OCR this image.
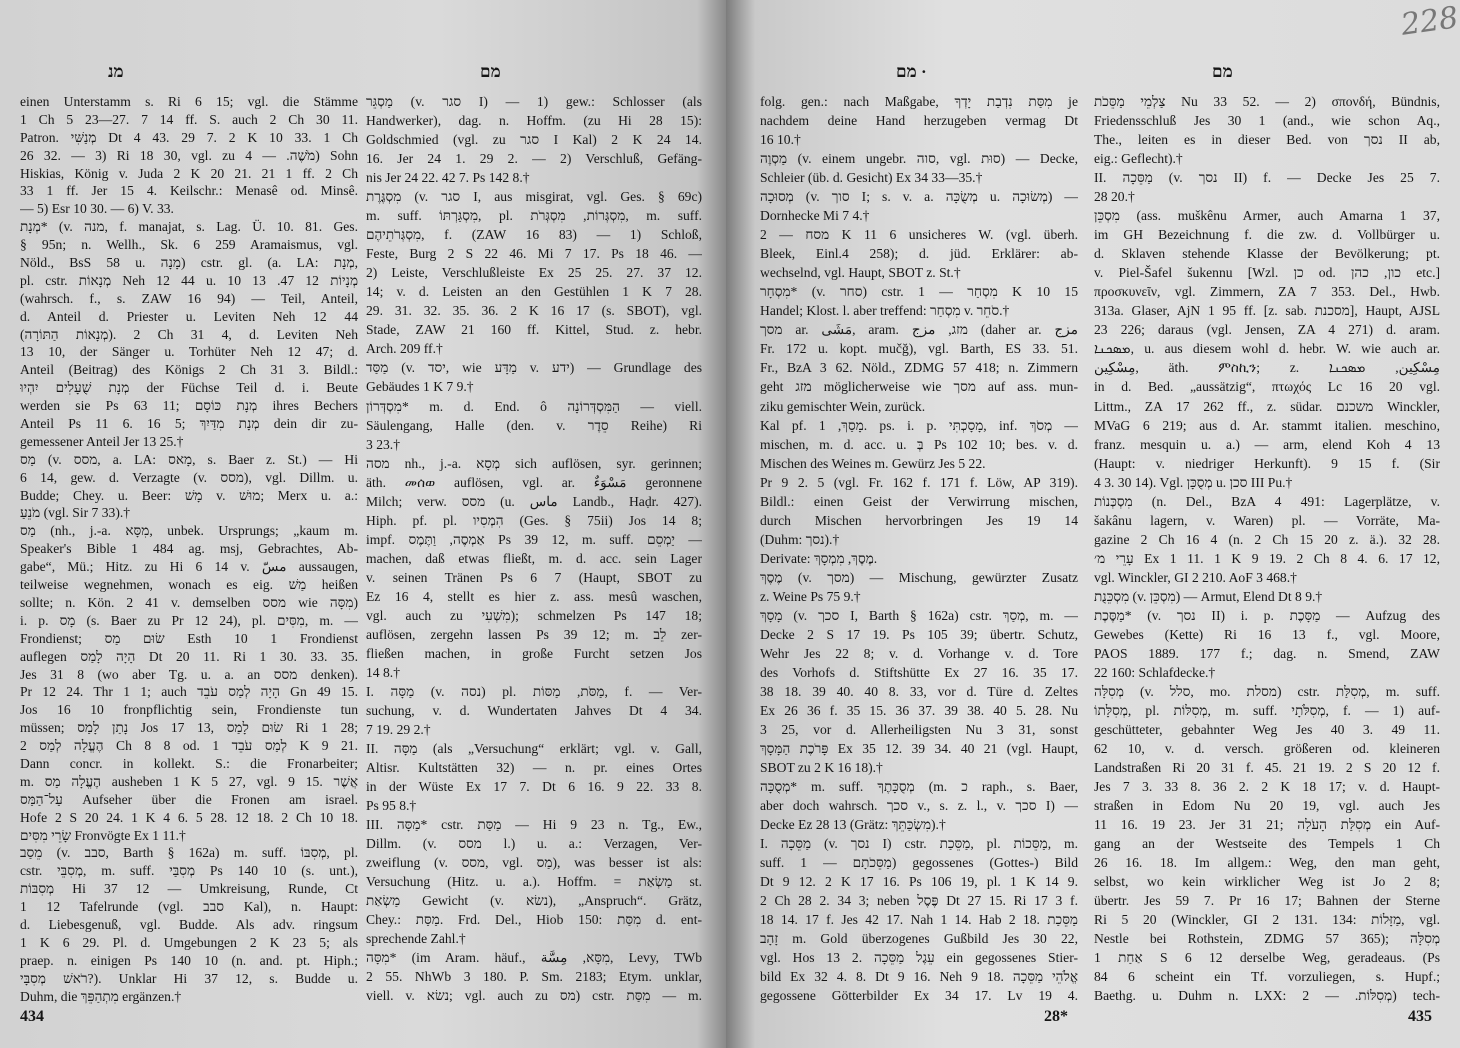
מנ	מם
einen Unterstamm s. Ri 6 15; vgl. die Stämme
1 Ch 5 23—27. 7 14 ff. S. auch 2 Ch 30 11.
Patron. מְנַשִּׁי Dt 4 43. 29 7. 2 K 10 33. 1 Ch
26 32. — 3) Ri 18 30, vgl. zu מֹשֶׁה. — 4) Sohn
Hiskias, König v. Juda 2 K 20 21. 21 1 ff. 2 Ch
33 1 ff. Jer 15 4. Keilschr.: Menasê od. Minsê.
— 5) Esr 10 30. — 6) V. 33.
מְנָת* (v. מנה, f. manajat, s. Lag. Ü. 10. 81. Ges.
§ 95n; n. Wellh., Sk. 6 259 Aramaismus, vgl.
Nöld., BsS 58 u. מָנָה) cstr. gl. (a. LA: מְנָת,
pl. cstr. מְנָאוֹת Neh 12 44 u. מְנָיוֹת 12 47. 13 10
(wahrsch. f., s. ZAW 16 94) — Teil, Anteil,
d. Anteil d. Priester u. Leviten Neh 12 44
(מְנָאוֹת הַתּוֹרָה). 2 Ch 31 4, d. Leviten Neh
13 10, der Sänger u. Torhüter Neh 12 47; d.
Anteil (Beitrag) des Königs 2 Ch 31 3. Bildl.:
מְנָת שֻׁעָלִים יִהְיוּ der Füchse Teil d. i. Beute
werden sie Ps 63 11; מְנָת כּוֹסָם ihres Bechers
Anteil Ps 11 6. 16 5; מְנָת מִדַּיִךְ dein dir zu-
gemessener Anteil Jer 13 25.†
מַס (v. מסס, a. LA: מָאס, s. Baer z. St.) — Hi
6 14, gew. d. Verzagte (v. מסס), vgl. Dillm. u.
Budde; Chey. u. Beer: מָשׁ v. מוּשׁ; Merx u. a.:
מֹנֵעַ (vgl. Sir 7 33).†
מַס (nh., j.-a. מִסָּא, unbek. Ursprungs; „kaum m.
Speaker's Bible 1 484 ag. msj, Gebrachtes, Ab-
gabe“, Mü.; Hitz. zu Hi 6 14 v. مسّ aussaugen,
teilweise wegnehmen, wonach es eig. מַשׁ heißen
sollte; n. Kön. 2 41 v. demselben מסס wie מִסָּה)
i. p. מָס (s. Baer zu Pr 12 24), pl. מִסִּים, m. —
Frondienst; שׂוּם מַס Esth 10 1 Frondienst
auflegen הָיָה לָמַס Dt 20 11. Ri 1 30. 33. 35.
Jes 31 8 (wo aber Tg. u. a. an מסס denken).
Pr 12 24. Thr 1 1; auch הָיָה לְמַס עֹבֵד Gn 49 15.
Jos 16 10 fronpflichtig sein, Frondienste tun
müssen; נָתַן לָמַס Jos 17 13, שׂוּם לָמַס Ri 1 28;
הֶעֱלָה לְמַס 2 Ch 8 8 od. לְמַס עֹבֵד 1 K 9 21.
Dann concr. in kollekt. S.: die Fronarbeiter;
m. הֶעֱלָה מַס ausheben 1 K 5 27, vgl. 9 15. אֲשֶׁר
עַל־הַמַּס Aufseher über die Fronen am israel.
Hofe 2 S 20 24. 1 K 4 6. 5 28. 12 18. 2 Ch 10 18.
שָׂרֵי מִסִּים Fronvögte Ex 1 11.†
מֵסַב (v. סבב, Barth § 162a) m. suff. מְסִבּוֹ, pl.
cstr. מְסִבֵּי, m. suff. מְסִבַּי Ps 140 10 (s. unt.),
מְסִבּוֹת Hi 37 12 — Umkreisung, Runde, Ct
1 12 Tafelrunde (vgl. סבב Kal), n. Haupt:
d. Liebesgenuß, vgl. Budde. Als adv. ringsum
1 K 6 29. Pl. d. Umgebungen 2 K 23 5; als
praep. n. einigen Ps 140 10 (n. and. pt. Hiph.;
רֹאשׁ מְסִבָּי?). Unklar Hi 37 12, s. Budde u.
Duhm, die מִתְהַפֵּךְ ergänzen.†
מַסְגֵּר (v. סגר I) — 1) gew.: Schlosser (als
Handwerker), dag. n. Hoffm. (zu Hi 28 15):
Goldschmied (vgl. zu סגר I Kal) 2 K 24 14.
16. Jer 24 1. 29 2. — 2) Verschluß, Gefäng-
nis Jer 24 22. 42 7. Ps 142 8.†
מִסְגֶּרֶת (v. סגר I, aus misgirat, vgl. Ges. § 69c)
m. suff. מִסְגַּרְתּוֹ, pl. מִסְגְּרוֹת, מִסְגְּרֹת, m. suff.
מִסְגְּרֹתֵיהֶם, f. (ZAW 16 83) — 1) Schloß,
Feste, Burg 2 S 22 46. Mi 7 17. Ps 18 46. —
2) Leiste, Verschlußleiste Ex 25 25. 27. 37 12.
14; v. d. Leisten an den Gestühlen 1 K 7 28.
29. 31. 32. 35. 36. 2 K 16 17 (s. SBOT), vgl.
Stade, ZAW 21 160 ff. Kittel, Stud. z. hebr.
Arch. 209 ff.†
מַסַּד (v. יסד, wie מַדָּע v. ידע) — Grundlage des
Gebäudes 1 K 7 9.†
מִסְדְּרוֹן* m. d. End. ô הַמִּסְדְּרוֹנָה — viell.
Säulengang, Halle (den. v. סֵדֶר Reihe) Ri
3 23.†
מסה nh., j.-a. מְסָא sich auflösen, syr. gerinnen;
äth. መሰወ auflösen, vgl. ar. مَسْوَءٌ geronnene
Milch; verw. מסס (u. ماس Landb., Haḍr. 427).
Hiph. pf. pl. הִמְסִיו (Ges. § 75ii) Jos 14 8;
impf. אַמְסֶה, וַתֶּמֶס Ps 39 12, m. suff. יַמְסֵם —
machen, daß etwas fließt, m. d. acc. sein Lager
v. seinen Tränen Ps 6 7 (Haupt, SBOT zu
Ez 16 4, stellt es hier z. ass. mesû waschen,
vgl. auch zu מִשְׁעִי); schmelzen Ps 147 18;
auflösen, zergehn lassen Ps 39 12; m. לֵב zer-
fließen machen, in große Furcht setzen Jos
14 8.†
I. מַסָּה (v. נסה) pl. מַסֹּת, מַסּוֹת, f. — Ver-
suchung, v. d. Wundertaten Jahves Dt 4 34.
7 19. 29 2.†
II. מַסָּה (als „Versuchung“ erklärt; vgl. v. Gall,
Altisr. Kultstätten 32) — n. pr. eines Ortes
in der Wüste Ex 17 7. Dt 6 16. 9 22. 33 8.
Ps 95 8.†
III. מַסָּה* cstr. מַסַּת — Hi 9 23 n. Tg., Ew.,
Dillm. (v. מסס l.) u. a.: Verzagen, Ver-
zweiflung (v. מסס, vgl. מַס), was besser ist als:
Versuchung (Hitz. u. a.). Hoffm. = מַשְׂאַת st.
מַשְׂאַת Gewicht (v. נשׂא), „Anspruch“. Grätz,
Chey.: מַסַּת. Frd. Del., Hiob 150: מִסַּת d. ent-
sprechende Zahl.†
מִסָּה* (im Aram. häuf., מִסָּא, مِسَّة, Levy, TWb
2 55. NhWb 3 180. P. Sm. 2183; Etym. unklar,
viell. v. נשׂא; vgl. auch zu מס) cstr. מִסַּת — m.
434
מם ·	מם
228
folg. gen.: nach Maßgabe, מִסַּת נִדְבַת יָדְךָ je
nachdem deine Hand herzugeben vermag Dt
16 10.†
מַסְוֶה (v. einem ungebr. סוה, vgl. סוּת) — Decke,
Schleier (üb. d. Gesicht) Ex 34 33—35.†
מְסוּכָה (v. סוך I; s. v. a. מְשֻׂכָּה u. מְשׂוּכָה) —
Dornhecke Mi 7 4.†
מסח — 2 K 11 6 unsicheres W. (vgl. überh.
Bleek, Einl.4 258); d. jüd. Erklärer: ab-
wechselnd, vgl. Haupt, SBOT z. St.†
מִסְחָר* (v. סחר) cstr. מִסְחַר — 1 K 10 15
Handel; Klost. l. aber treffend: מִסְחַר v. סֹחֵר.†
מסך ar. مَشَى, aram. מזג, مزج (daher ar. مزج
Fr. 172 u. kopt. mučğ), vgl. Barth, ES 33. 51.
Fr., BzA 3 62. Nöld., ZDMG 57 418; n. Zimmern
geht מזג möglicherweise wie מסך auf ass. mun-
ziku gemischter Wein, zurück.
Kal pf. מָסַךְ, 1. ps. i. p. מָסָכְתִּי, inf. מְסֹךְ —
mischen, m. d. acc. u. בְּ Ps 102 10; bes. v. d.
Mischen des Weines m. Gewürz Jes 5 22.
Pr 9 2. 5 (vgl. Fr. 162 f. 171 f. Löw, AP 319).
Bildl.: einen Geist der Verwirrung mischen,
durch Mischen hervorbringen Jes 19 14
(Duhm: נסך).†
Derivate: מֶסֶךְ, מִמְסָךְ.
מֶסֶךְ (v. מסך) — Mischung, gewürzter Zusatz
z. Weine Ps 75 9.†
מָסָךְ (v. סכך I, Barth § 162a) cstr. מְסַךְ, m. —
Decke 2 S 17 19. Ps 105 39; übertr. Schutz,
Wehr Jes 22 8; v. d. Vorhange v. d. Tore
des Vorhofs d. Stiftshütte Ex 27 16. 35 17.
38 18. 39 40. 40 8. 33, vor d. Türe d. Zeltes
Ex 26 36 f. 35 15. 36 37. 39 38. 40 5. 28. Nu
3 25, vor d. Allerheiligsten Nu 3 31, sonst
פָּרֹכֶת הַמָּסָךְ Ex 35 12. 39 34. 40 21 (vgl. Haupt,
SBOT zu 2 K 16 18).†
מְסֻכָּה* m. suff. מְסֻכָּתֶךָ (m. כ raph., s. Baer,
aber doch wahrsch. סכך v., s. z. l., v. סכך I) —
Decke Ez 28 13 (Grätz: מִשְׂכַּתֵּךְ).†
I. מַסֵּכָה (v. נסך I) cstr. מַסֵּכַת, pl. מַסֵּכוֹת, m.
suff. מַסֵּכֹתָם — 1) gegossenes (Gottes-) Bild
Dt 9 12. 2 K 17 16. Ps 106 19, pl. 1 K 14 9.
2 Ch 28 2. 34 3; neben פֶּסֶל Dt 27 15. Ri 17 3 f.
18 14. 17 f. Jes 42 17. Nah 1 14. Hab 2 18. מַסֵּכַת
זָהָב m. Gold überzogenes Gußbild Jes 30 22,
vgl. Hos 13 2. עֵגֶל מַסֵּכָה ein gegossenes Stier-
bild Ex 32 4. 8. Dt 9 16. Neh 9 18. אֱלֹהֵי מַסֵּכָה
gegossene Götterbilder Ex 34 17. Lv 19 4.
צַלְמֵי מַסֵּכֹת Nu 33 52. — 2) σπονδή, Bündnis,
Friedensschluß Jes 30 1 (and., wie schon Aq.,
The., leiten es in dieser Bed. von נסך II ab,
eig.: Geflecht).†
II. מַסֵּכָה (v. נסך II) f. — Decke Jes 25 7.
28 20.†
מִסְכֵּן (ass. muškênu Armer, auch Amarna 1 37,
im GH Bezeichnung f. die zw. d. Vollbürger u.
d. Sklaven stehende Klasse der Bevölkerung; pt.
v. Piel-Šafel šukennu [Wzl. כן od. כון, כהן etc.]
προσκυνεῖν, vgl. Zimmern, ZA 7 353. Del., Hwb.
313a. Glaser, AjN 1 95 ff. [z. sab. מסכנת], Haupt, AJSL
23 226; daraus (vgl. Jensen, ZA 4 271) d. aram.
ܡܣܟܢܐ, u. aus diesem wohl d. hebr. W. wie auch ar.
مِسْكِين, äth. ምስኪን; z. مِسْكِين, ܡܣܟܢܐ
in d. Bed. „aussätzig“, πτωχός Lc 16 20 vgl.
Littm., ZA 17 262 ff., z. südar. משכנם Winckler,
MVaG 6 219; aus d. Ar. stammt italien. meschino,
franz. mesquin u. a.) — arm, elend Koh 4 13
(Haupt: v. niedriger Herkunft). 9 15 f. (Sir
4 3. 30 14). Vgl. מְסֻכָּן u. סכן III Pu.†
מִסְכְּנוֹת (n. Del., BzA 4 491: Lagerplätze, v.
šakânu lagern, v. Waren) pl. — Vorräte, Ma-
gazine 2 Ch 16 4 (n. 2 Ch 15 20 z. ä.). 32 28.
עָרֵי מ׳ Ex 1 11. 1 K 9 19. 2 Ch 8 4. 6. 17 12,
vgl. Winckler, GI 2 210. AoF 3 468.†
מִסְכֵּנֻת (v. מִסְכֵּן) — Armut, Elend Dt 8 9.†
מַסֶּכֶת* (v. נסך II) i. p. מַסָּכֶת — Aufzug des
Gewebes (Kette) Ri 16 13 f., vgl. Moore,
PAOS 1889. 177 f.; dag. n. Smend, ZAW
22 160: Schlafdecke.†
מְסִלָּה (v. סלל, mo. מסלת) cstr. מְסִלַּת, m. suff.
מְסִלָּתוֹ, pl. מְסִלּוֹת, m. suff. מְסִלֹּתָי, f. — 1) auf-
geschütteter, gebahnter Weg Jes 40 3. 49 11.
62 10, v. d. versch. größeren od. kleineren
Landstraßen Ri 20 31 f. 45. 21 19. 2 S 20 12 f.
Jes 7 3. 33 8. 36 2. 2 K 18 17; v. d. Haupt-
straßen in Edom Nu 20 19, vgl. auch Jes
11 16. 19 23. Jer 31 21; מְסִלַּת הָעֹלָה ein Auf-
gang an der Westseite des Tempels 1 Ch
26 16. 18. Im allgem.: Weg, den man geht,
selbst, wo kein wirklicher Weg ist Jo 2 8;
übertr. Jes 59 7. Pr 16 17; Bahnen der Sterne
Ri 5 20 (Winckler, GI 2 131. 134: מַזָּלוֹת, vgl.
Nestle bei Rothstein, ZDMG 57 365); מְסִלָּה
אַחַת 1 S 6 12 derselbe Weg, geradeaus. (Ps
84 6 scheint ein Tf. vorzuliegen, s. Hupf.;
Baethg. u. Duhm n. LXX: מְסִלּוֹת. — 2) tech-
28*	435
